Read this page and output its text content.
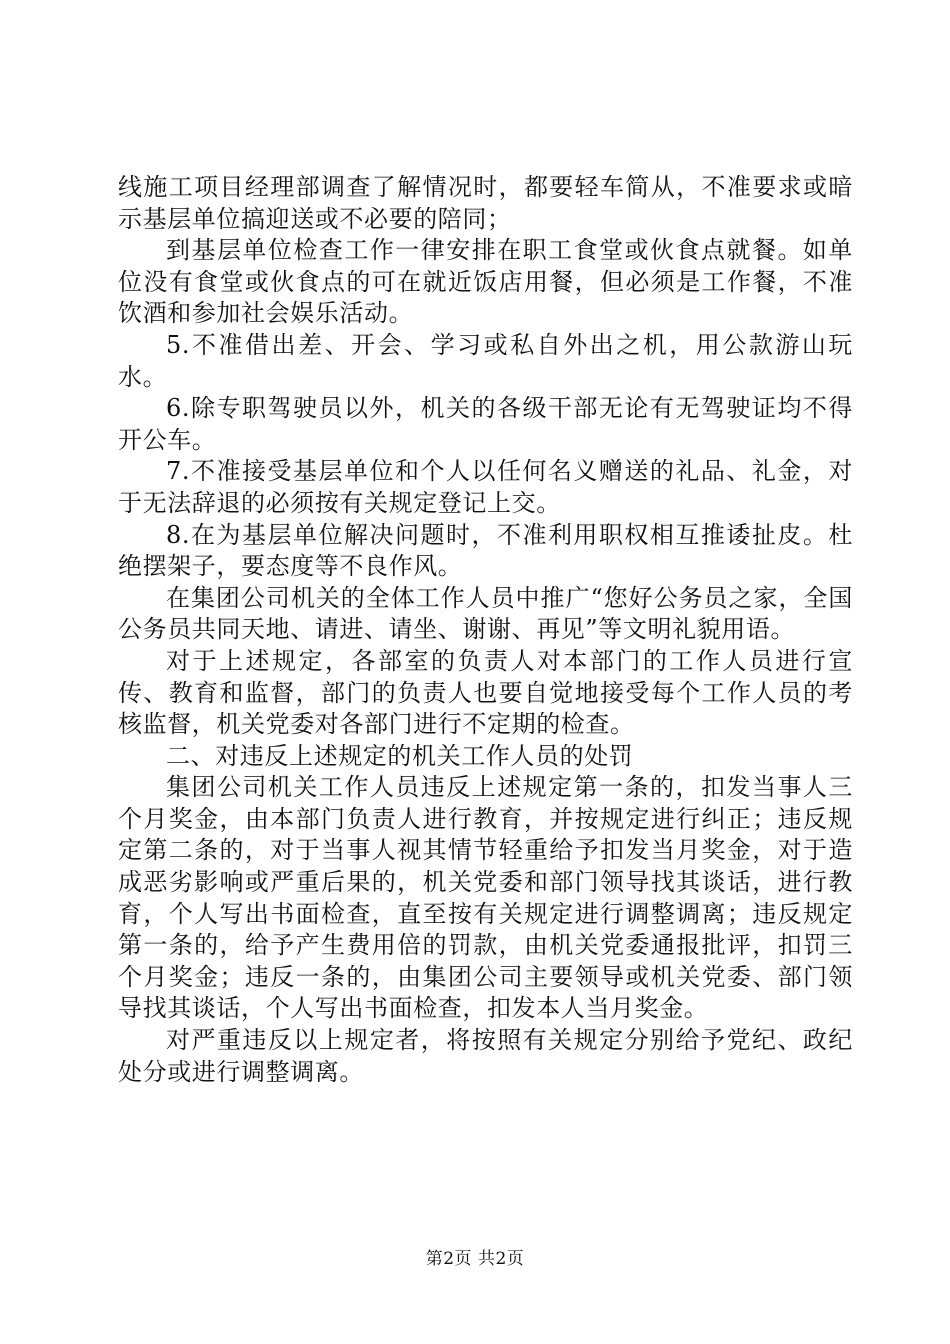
线施工项目经理部调查了解情况时，都要轻车简从，不准要求或暗示基层单位搞迎送或不必要的陪同；

到基层单位检查工作一律安排在职工食堂或伙食点就餐。如单位没有食堂或伙食点的可在就近饭店用餐，但必须是工作餐，不准饮酒和参加社会娱乐活动。

5.不准借出差、开会、学习或私自外出之机，用公款游山玩水。

6.除专职驾驶员以外，机关的各级干部无论有无驾驶证均不得开公车。

7.不准接受基层单位和个人以任何名义赠送的礼品、礼金，对于无法辞退的必须按有关规定登记上交。

8.在为基层单位解决问题时，不准利用职权相互推诿扯皮。杜绝摆架子，要态度等不良作风。

在集团公司机关的全体工作人员中推广“您好公务员之家，全国公务员共同天地、请进、请坐、谢谢、再见”等文明礼貌用语。

对于上述规定，各部室的负责人对本部门的工作人员进行宣传、教育和监督，部门的负责人也要自觉地接受每个工作人员的考核监督，机关党委对各部门进行不定期的检查。

二、对违反上述规定的机关工作人员的处罚

集团公司机关工作人员违反上述规定第一条的，扣发当事人三个月奖金，由本部门负责人进行教育，并按规定进行纠正；违反规定第二条的，对于当事人视其情节轻重给予扣发当月奖金，对于造成恶劣影响或严重后果的，机关党委和部门领导找其谈话，进行教育，个人写出书面检查，直至按有关规定进行调整调离；违反规定第一条的，给予产生费用倍的罚款，由机关党委通报批评，扣罚三个月奖金；违反一条的，由集团公司主要领导或机关党委、部门领导找其谈话，个人写出书面检查，扣发本人当月奖金。

对严重违反以上规定者，将按照有关规定分别给予党纪、政纪处分或进行调整调离。

第2页 共2页
